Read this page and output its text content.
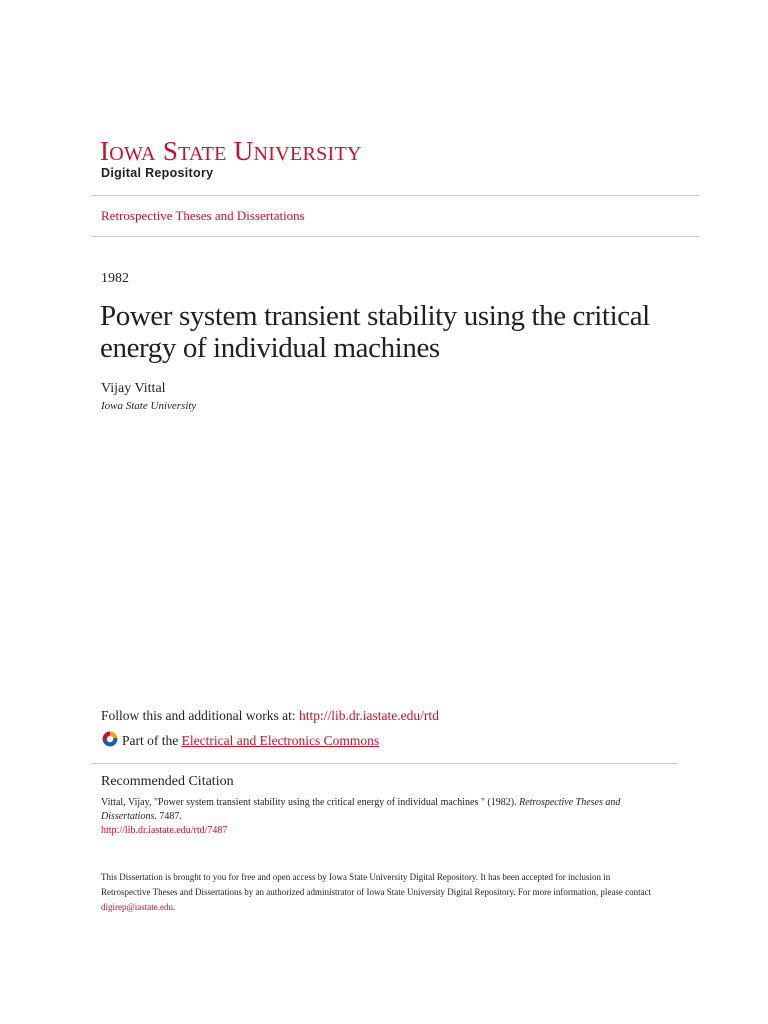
IOWA STATE UNIVERSITY
Digital Repository
Retrospective Theses and Dissertations
1982
Power system transient stability using the critical energy of individual machines
Vijay Vittal
Iowa State University
Follow this and additional works at: http://lib.dr.iastate.edu/rtd
Part of the Electrical and Electronics Commons
Recommended Citation
Vittal, Vijay, "Power system transient stability using the critical energy of individual machines " (1982). Retrospective Theses and Dissertations. 7487.
http://lib.dr.iastate.edu/rtd/7487
This Dissertation is brought to you for free and open access by Iowa State University Digital Repository. It has been accepted for inclusion in Retrospective Theses and Dissertations by an authorized administrator of Iowa State University Digital Repository. For more information, please contact digirep@iastate.edu.
